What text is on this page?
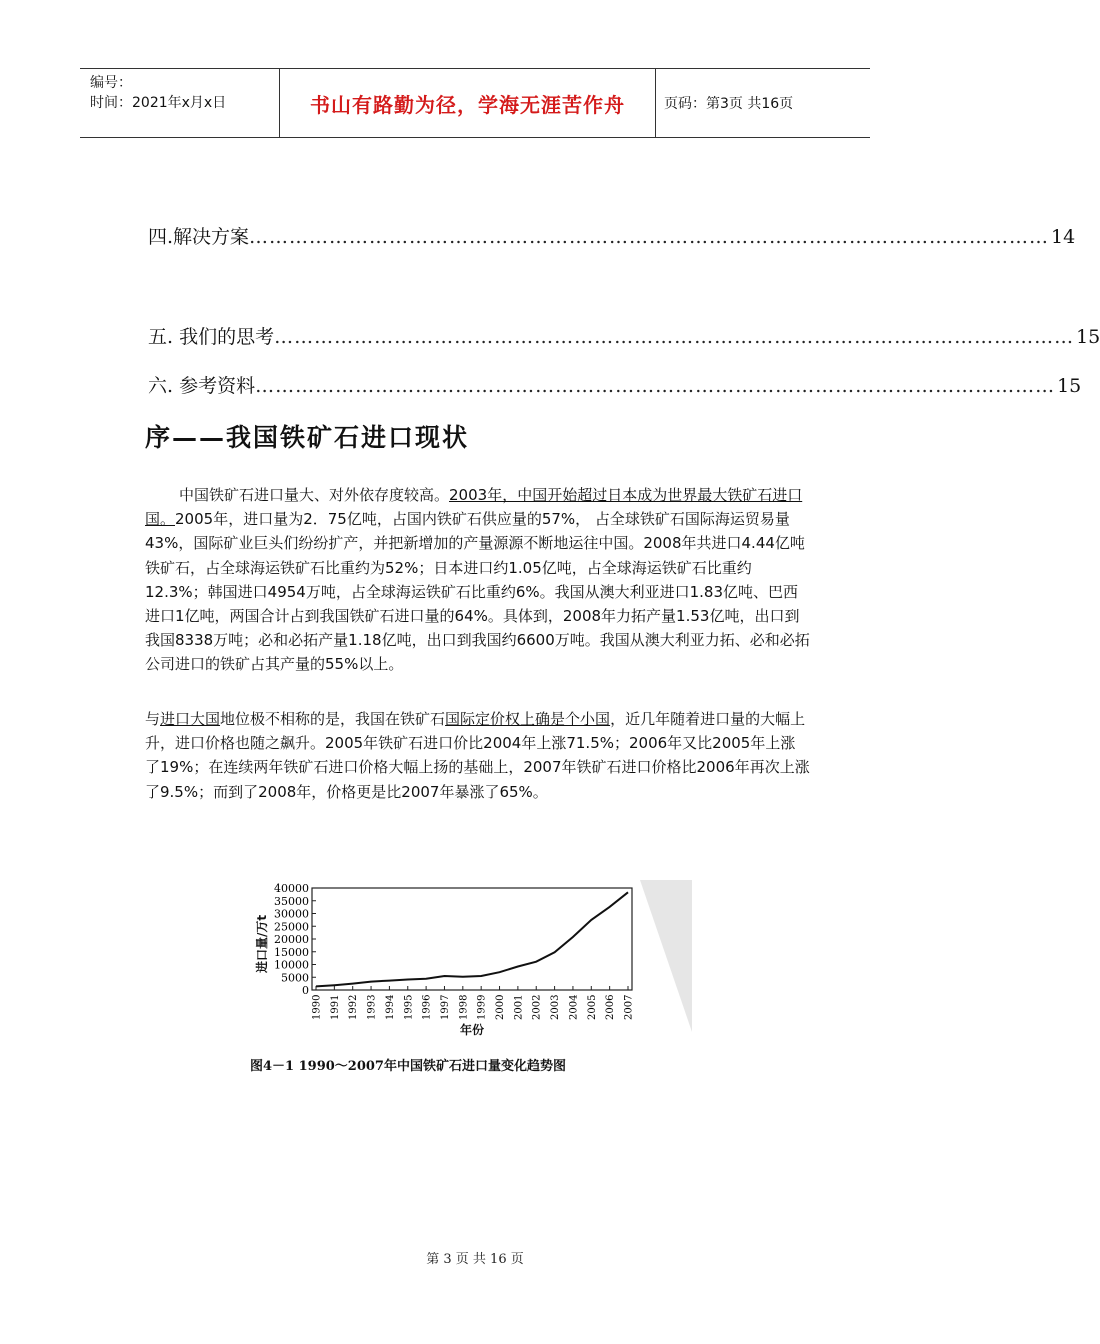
编号：
时间：2021年x月x日	书山有路勤为径，学海无涯苦作舟	页码：第3页 共16页
四.解决方案 ………………………………………………………………………………………………………… 14
五. 我们的思考 ………………………………………………………………………………………………………… 15
六. 参考资料 ………………………………………………………………………………………………………… 15
序——我国铁矿石进口现状
中国铁矿石进口量大、对外依存度较高。2003年，中国开始超过日本成为世界最大铁矿石进口国。2005年，进口量为2．75亿吨，占国内铁矿石供应量的57%， 占全球铁矿石国际海运贸易量43%，国际矿业巨头们纷纷扩产，并把新增加的产量源源不断地运往中国。2008年共进口4.44亿吨铁矿石，占全球海运铁矿石比重约为52%；日本进口约1.05亿吨，占全球海运铁矿石比重约12.3%；韩国进口4954万吨，占全球海运铁矿石比重约6%。我国从澳大利亚进口1.83亿吨、巴西进口1亿吨，两国合计占到我国铁矿石进口量的64%。具体到，2008年力拓产量1.53亿吨，出口到我国8338万吨；必和必拓产量1.18亿吨，出口到我国约6600万吨。我国从澳大利亚力拓、必和必拓公司进口的铁矿占其产量的55%以上。
与进口大国地位极不相称的是，我国在铁矿石国际定价权上确是个小国，近几年随着进口量的大幅上升，进口价格也随之飙升。2005年铁矿石进口价比2004年上涨71.5%；2006年又比2005年上涨了19%；在连续两年铁矿石进口价格大幅上扬的基础上，2007年铁矿石进口价格比2006年再次上涨了9.5%；而到了2008年，价格更是比2007年暴涨了65%。
0
5000
10000
15000
20000
25000
30000
35000
40000
1990 1991 1992 1993 1994 1995 1996 1997 1998 1999 2000 2001 2002 2003 2004 2005 2006 2007
进口量/万t
年份
图4－1 1990～2007年中国铁矿石进口量变化趋势图
第 3 页 共 16 页
